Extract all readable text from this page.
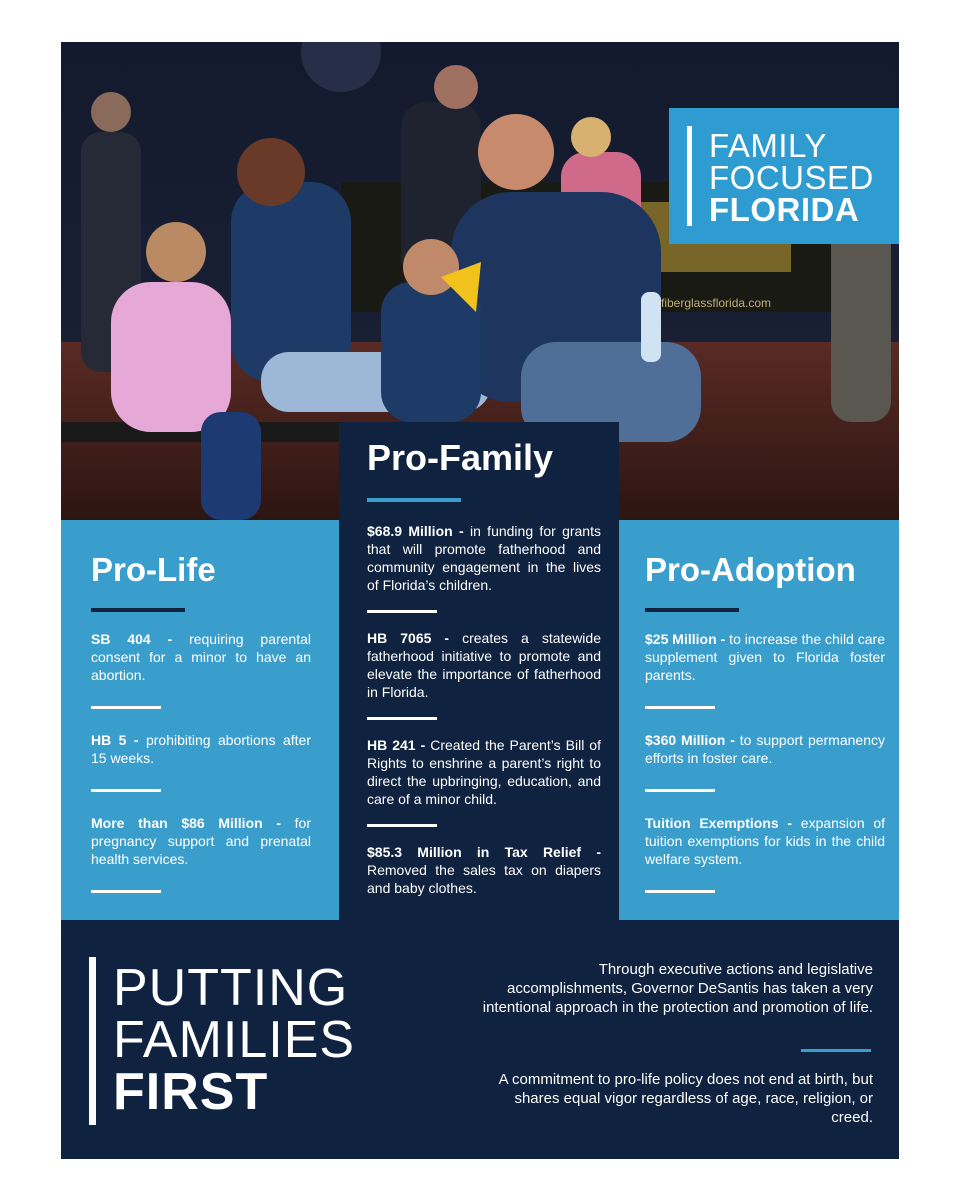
fiberglassflorida.com
FAMILY
FOCUSED
FLORIDA
Pro-Life
SB 404 - requiring parental consent for a minor to have an abortion.
HB 5 - prohibiting abortions after 15 weeks.
More than $86 Million - for pregnancy support and prenatal health services.
Pro-Family
$68.9 Million - in funding for grants that will promote fatherhood and community engagement in the lives of Florida’s children.
HB 7065 - creates a statewide fatherhood initiative to promote and elevate the importance of fatherhood in Florida.
HB 241 - Created the Parent’s Bill of Rights to enshrine a parent’s right to direct the upbringing, education, and care of a minor child.
$85.3 Million in Tax Relief - Removed the sales tax on diapers and baby clothes.
Pro-Adoption
$25 Million - to increase the child care supplement given to Florida foster parents.
$360 Million - to support permanency efforts in foster care.
Tuition Exemptions - expansion of tuition exemptions for kids in the child welfare system.
PUTTING
FAMILIES
FIRST
Through executive actions and legislative accomplishments, Governor DeSantis has taken a very intentional approach in the protection and promotion of life.
A commitment to pro-life policy does not end at birth, but shares equal vigor regardless of age, race, religion, or creed.
